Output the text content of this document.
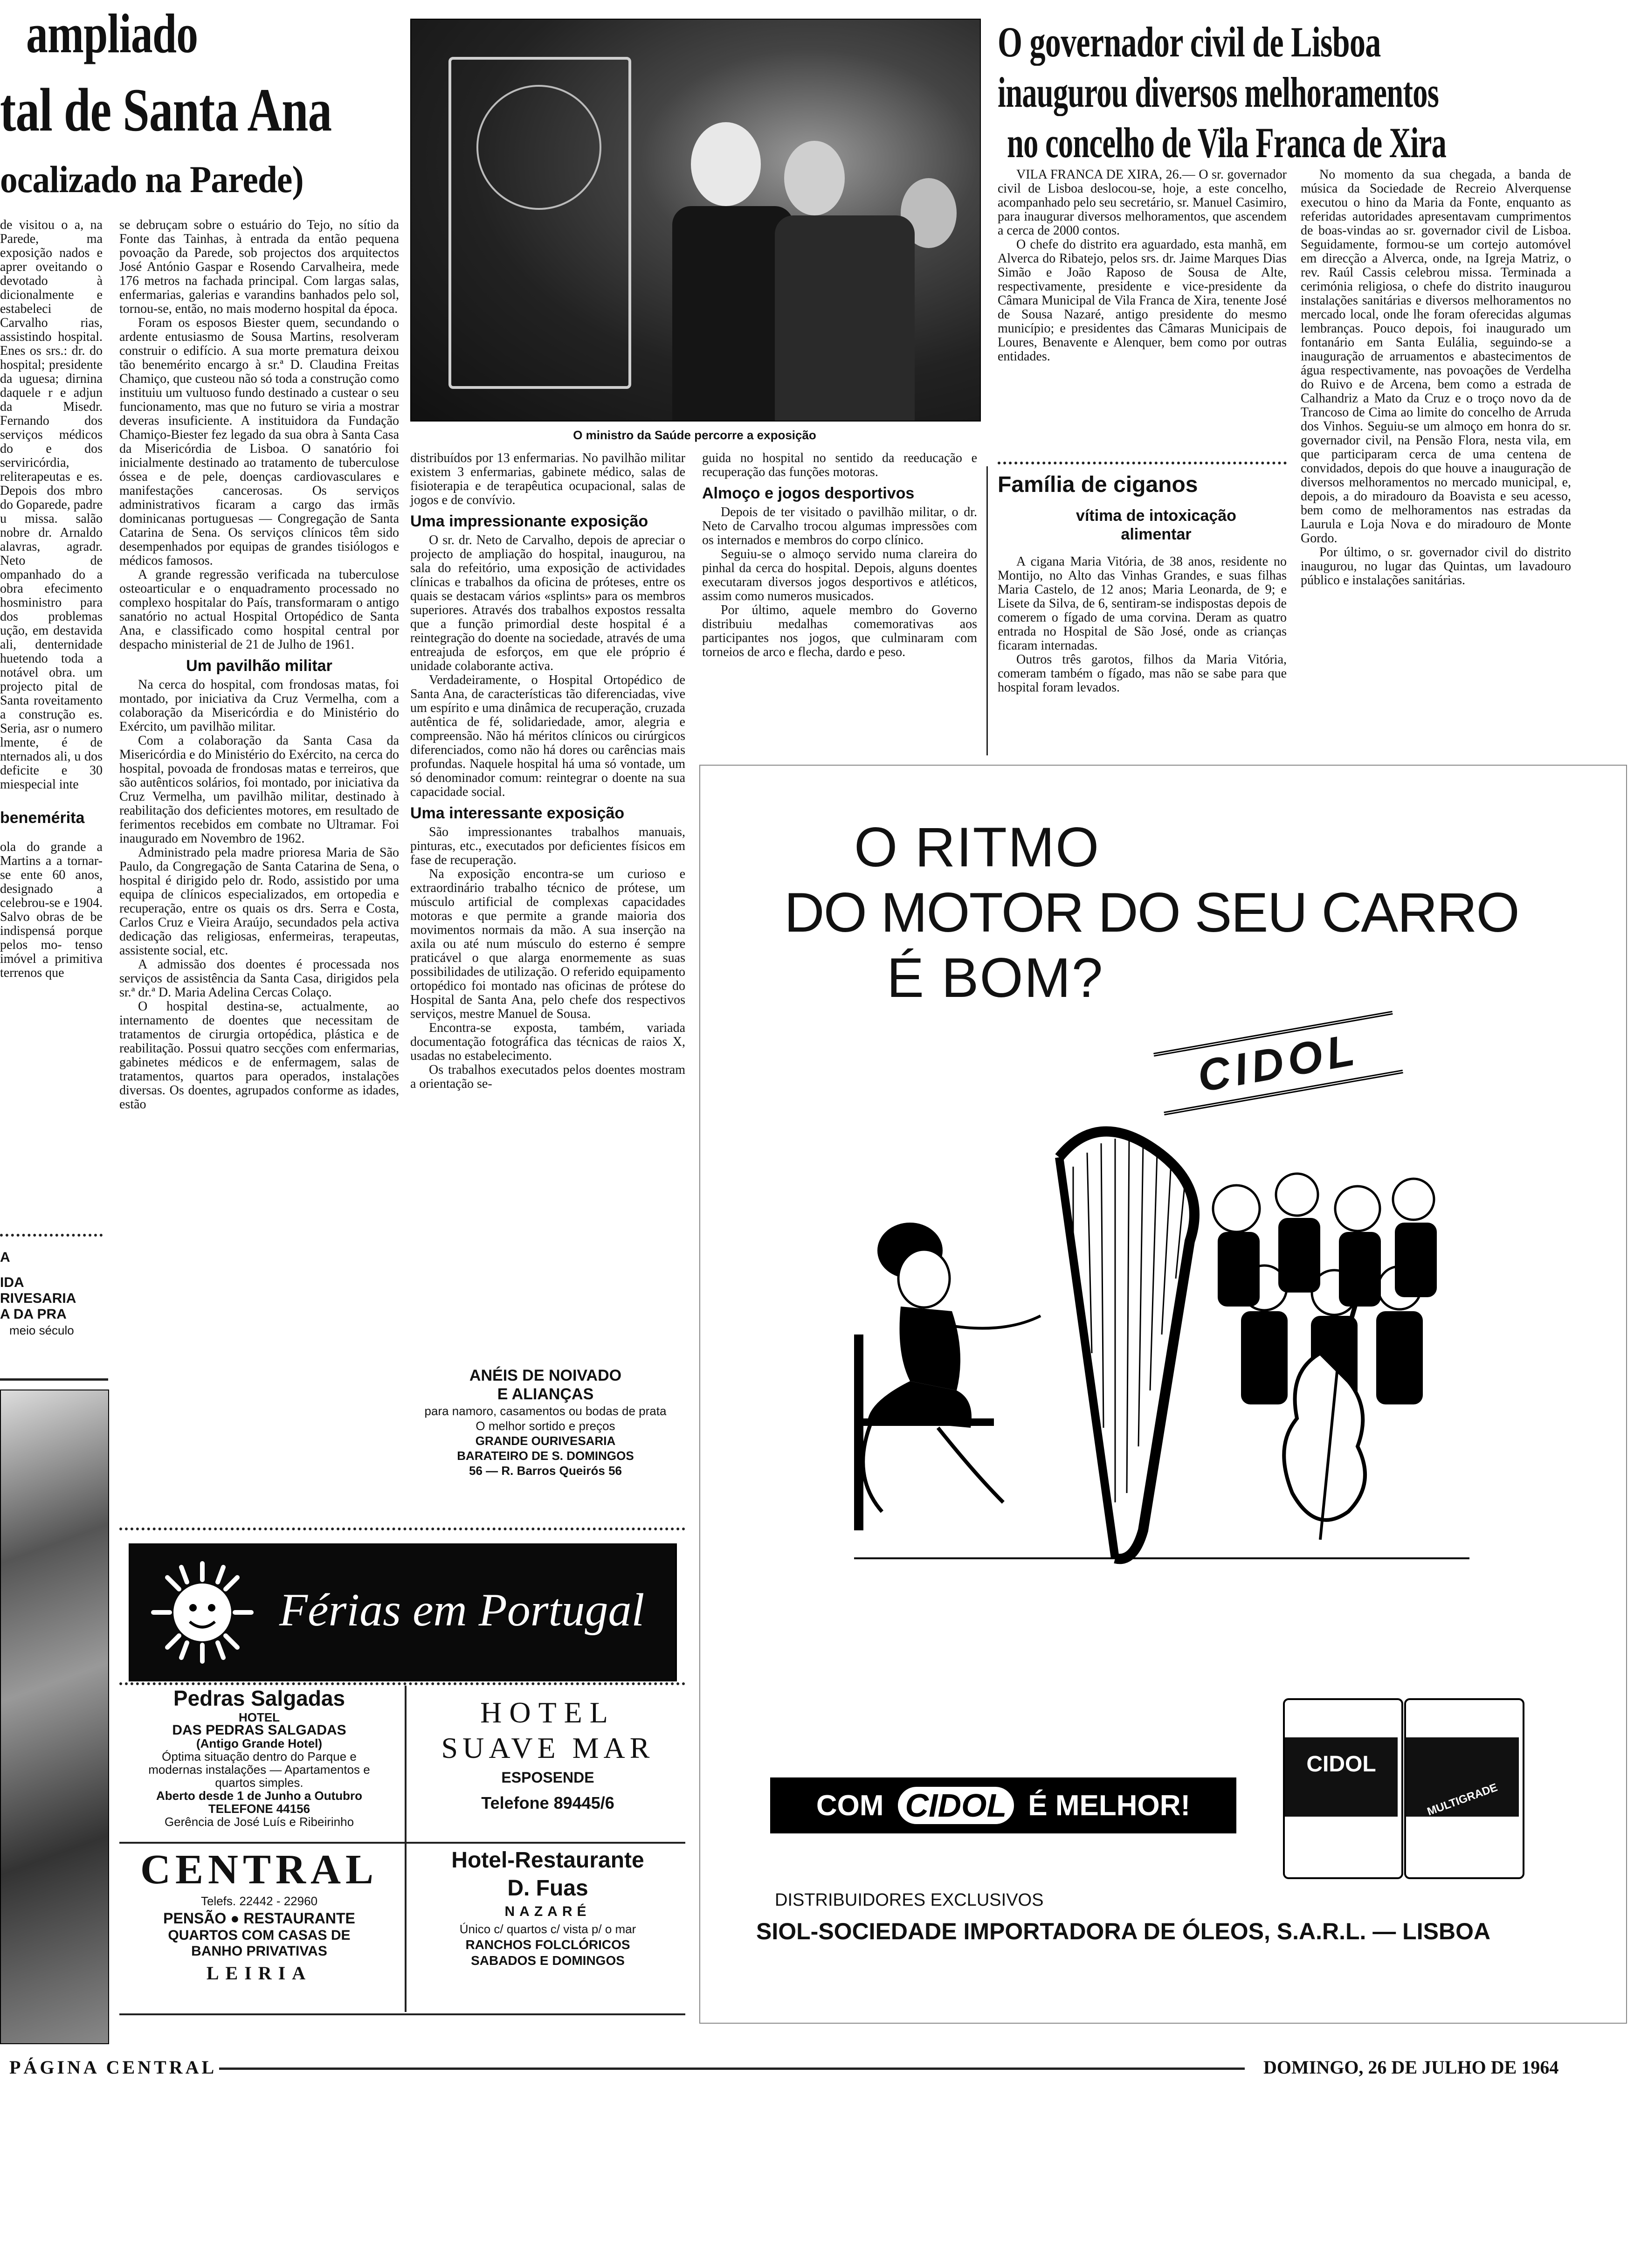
ampliado
tal de Santa Ana
ocalizado na Parede)

de visitou o a, na Parede, ma exposição nados e aprer oveitando o devotado à dicionalmente e estabeleci de Carvalho rias, assistindo hospital. Enes os srs.: dr. do hospital; presidente da uguesa; dirnina daquele r e adjun da Misedr. Fernando dos serviços médicos do e dos serviricórdia, reliterapeutas e es. Depois dos mbro do Goparede, padre u missa. salão nobre dr. Arnaldo alavras, agradr. Neto de ompanhado do a obra efecimento hosministro para dos problemas ução, em destavida ali, denternidade huetendo toda a notável obra. um projecto pital de Santa roveitamento a construção es. Seria, asr o numero lmente, é de nternados ali, u dos deficite e 30 miespecial inte

benemérita

ola do grande a Martins a a tornar-se ente 60 anos, designado a celebrou-se e 1904. Salvo obras de be indispensá porque pelos mo- tenso imóvel a primitiva terrenos que

A
IDA
RIVESARIA
A DA PRA
meio século
O ministro da Saúde percorre a exposição

se debruçam sobre o estuário do Tejo, no sítio da Fonte das Tainhas, à entrada da então pequena povoação da Parede, sob projectos dos arquitectos José António Gaspar e Rosendo Carvalheira, mede 176 metros na fachada principal. Com largas salas, enfermarias, galerias e varandins banhados pelo sol, tornou-se, então, no mais moderno hospital da época.

Foram os esposos Biester quem, secundando o ardente entusiasmo de Sousa Martins, resolveram construir o edifício. A sua morte prematura deixou tão benemérito encargo à sr.ª D. Claudina Freitas Chamiço, que custeou não só toda a construção como instituiu um vultuoso fundo destinado a custear o seu funcionamento, mas que no futuro se viria a mostrar deveras insuficiente. A instituidora da Fundação Chamiço-Biester fez legado da sua obra à Santa Casa da Misericórdia de Lisboa. O sanatório foi inicialmente destinado ao tratamento de tuberculose óssea e de pele, doenças cardiovasculares e manifestações cancerosas. Os serviços administrativos ficaram a cargo das irmãs dominicanas portuguesas — Congregação de Santa Catarina de Sena. Os serviços clínicos têm sido desempenhados por equipas de grandes tisiólogos e médicos famosos.

A grande regressão verificada na tuberculose osteoarticular e o enquadramento processado no complexo hospitalar do País, transformaram o antigo sanatório no actual Hospital Ortopédico de Santa Ana, e classificado como hospital central por despacho ministerial de 21 de Julho de 1961.

Um pavilhão militar

Na cerca do hospital, com frondosas matas, foi montado, por iniciativa da Cruz Vermelha, com a colaboração da Misericórdia e do Ministério do Exército, um pavilhão militar.

Com a colaboração da Santa Casa da Misericórdia e do Ministério do Exército, na cerca do hospital, povoada de frondosas matas e terreiros, que são autênticos solários, foi montado, por iniciativa da Cruz Vermelha, um pavilhão militar, destinado à reabilitação dos deficientes motores, em resultado de ferimentos recebidos em combate no Ultramar. Foi inaugurado em Novembro de 1962.

Administrado pela madre prioresa Maria de São Paulo, da Congregação de Santa Catarina de Sena, o hospital é dirigido pelo dr. Rodo, assistido por uma equipa de clínicos especializados, em ortopedia e recuperação, entre os quais os drs. Serra e Costa, Carlos Cruz e Vieira Araújo, secundados pela activa dedicação das religiosas, enfermeiras, terapeutas, assistente social, etc.

A admissão dos doentes é processada nos serviços de assistência da Santa Casa, dirigidos pela sr.ª dr.ª D. Maria Adelina Cercas Colaço.

O hospital destina-se, actualmente, ao internamento de doentes que necessitam de tratamentos de cirurgia ortopédica, plástica e de reabilitação. Possui quatro secções com enfermarias, gabinetes médicos e de enfermagem, salas de tratamentos, quartos para operados, instalações diversas. Os doentes, agrupados conforme as idades, estão

distribuídos por 13 enfermarias. No pavilhão militar existem 3 enfermarias, gabinete médico, salas de fisioterapia e de terapêutica ocupacional, salas de jogos e de convívio.

Uma impressionante exposição

O sr. dr. Neto de Carvalho, depois de apreciar o projecto de ampliação do hospital, inaugurou, na sala do refeitório, uma exposição de actividades clínicas e trabalhos da oficina de próteses, entre os quais se destacam vários «splints» para os membros superiores. Através dos trabalhos expostos ressalta que a função primordial deste hospital é a reintegração do doente na sociedade, através de uma entreajuda de esforços, em que ele próprio é unidade colaborante activa.

Verdadeiramente, o Hospital Ortopédico de Santa Ana, de características tão diferenciadas, vive um espírito e uma dinâmica de recuperação, cruzada autêntica de fé, solidariedade, amor, alegria e compreensão. Não há méritos clínicos ou cirúrgicos diferenciados, como não há dores ou carências mais profundas. Naquele hospital há uma só vontade, um só denominador comum: reintegrar o doente na sua capacidade social.

Uma interessante exposição

São impressionantes trabalhos manuais, pinturas, etc., executados por deficientes físicos em fase de recuperação.

Na exposição encontra-se um curioso e extraordinário trabalho técnico de prótese, um músculo artificial de complexas capacidades motoras e que permite a grande maioria dos movimentos normais da mão. A sua inserção na axila ou até num músculo do esterno é sempre praticável o que alarga enormemente as suas possibilidades de utilização. O referido equipamento ortopédico foi montado nas oficinas de prótese do Hospital de Santa Ana, pelo chefe dos respectivos serviços, mestre Manuel de Sousa.

Encontra-se exposta, também, variada documentação fotográfica das técnicas de raios X, usadas no estabelecimento.

Os trabalhos executados pelos doentes mostram a orientação se-

guida no hospital no sentido da reeducação e recuperação das funções motoras.

Almoço e jogos desportivos

Depois de ter visitado o pavilhão militar, o dr. Neto de Carvalho trocou algumas impressões com os internados e membros do corpo clínico.

Seguiu-se o almoço servido numa clareira do pinhal da cerca do hospital. Depois, alguns doentes executaram diversos jogos desportivos e atléticos, assim como numeros musicados.

Por último, aquele membro do Governo distribuiu medalhas comemorativas aos participantes nos jogos, que culminaram com torneios de arco e flecha, dardo e peso.

ANÉIS DE NOIVADO
E ALIANÇAS
para namoro, casamentos ou bodas de prata
O melhor sortido e preços
GRANDE OURIVESARIA
BARATEIRO DE S. DOMINGOS
56 — R. Barros Queirós 56
Férias em Portugal
Pedras Salgadas
HOTEL
DAS PEDRAS SALGADAS
(Antigo Grande Hotel)
Óptima situação dentro do Parque e modernas instalações — Apartamentos e quartos simples.
Aberto desde 1 de Junho a Outubro
TELEFONE 44156
Gerência de José Luís e Ribeirinho
HOTEL
SUAVE MAR
ESPOSENDE
Telefone 89445/6
CENTRAL
Telefs. 22442 - 22960
PENSÃO ● RESTAURANTE
QUARTOS COM CASAS DE
BANHO PRIVATIVAS
LEIRIA
Hotel-Restaurante
D. Fuas
NAZARÉ
Único c/ quartos c/ vista p/ o mar
RANCHOS FOLCLÓRICOS
SABADOS E DOMINGOS
O governador civil de Lisboa
inaugurou diversos melhoramentos
no concelho de Vila Franca de Xira

VILA FRANCA DE XIRA, 26.— O sr. governador civil de Lisboa deslocou-se, hoje, a este concelho, acompanhado pelo seu secretário, sr. Manuel Casimiro, para inaugurar diversos melhoramentos, que ascendem a cerca de 2000 contos.

O chefe do distrito era aguardado, esta manhã, em Alverca do Ribatejo, pelos srs. dr. Jaime Marques Dias Simão e João Raposo de Sousa de Alte, respectivamente, presidente e vice-presidente da Câmara Municipal de Vila Franca de Xira, tenente José de Sousa Nazaré, antigo presidente do mesmo município; e presidentes das Câmaras Municipais de Loures, Benavente e Alenquer, bem como por outras entidades.

No momento da sua chegada, a banda de música da Sociedade de Recreio Alverquense executou o hino da Maria da Fonte, enquanto as referidas autoridades apresentavam cumprimentos de boas-vindas ao sr. governador civil de Lisboa. Seguidamente, formou-se um cortejo automóvel em direcção a Alverca, onde, na Igreja Matriz, o rev. Raúl Cassis celebrou missa. Terminada a cerimónia religiosa, o chefe do distrito inaugurou instalações sanitárias e diversos melhoramentos no mercado local, onde lhe foram oferecidas algumas lembranças. Pouco depois, foi inaugurado um fontanário em Santa Eulália, seguindo-se a inauguração de arruamentos e abastecimentos de água respectivamente, nas povoações de Verdelha do Ruivo e de Arcena, bem como a estrada de Calhandriz a Mato da Cruz e o troço novo da de Trancoso de Cima ao limite do concelho de Arruda dos Vinhos. Seguiu-se um almoço em honra do sr. governador civil, na Pensão Flora, nesta vila, em que participaram cerca de uma centena de convidados, depois do que houve a inauguração de diversos melhoramentos no mercado municipal, e, depois, a do miradouro da Boavista e seu acesso, bem como de melhoramentos nas estradas da Laurula e Loja Nova e do miradouro de Monte Gordo.

Por último, o sr. governador civil do distrito inaugurou, no lugar das Quintas, um lavadouro público e instalações sanitárias.

Família de ciganos
vítima de intoxicação alimentar

A cigana Maria Vitória, de 38 anos, residente no Montijo, no Alto das Vinhas Grandes, e suas filhas Maria Castelo, de 12 anos; Maria Leonarda, de 9; e Lisete da Silva, de 6, sentiram-se indispostas depois de comerem o fígado de uma corvina. Deram as quatro entrada no Hospital de São José, onde as crianças ficaram internadas.

Outros três garotos, filhos da Maria Vitória, comeram também o fígado, mas não se sabe para que hospital foram levados.

O RITMO
DO MOTOR DO SEU CARRO
É BOM?
CIDOL
COM CIDOL É MELHOR!
CIDOL
MULTIGRADE
DISTRIBUIDORES EXCLUSIVOS
SIOL-SOCIEDADE IMPORTADORA DE ÓLEOS, S.A.R.L. — LISBOA
PÁGINA CENTRAL	DOMINGO, 26 DE JULHO DE 1964
